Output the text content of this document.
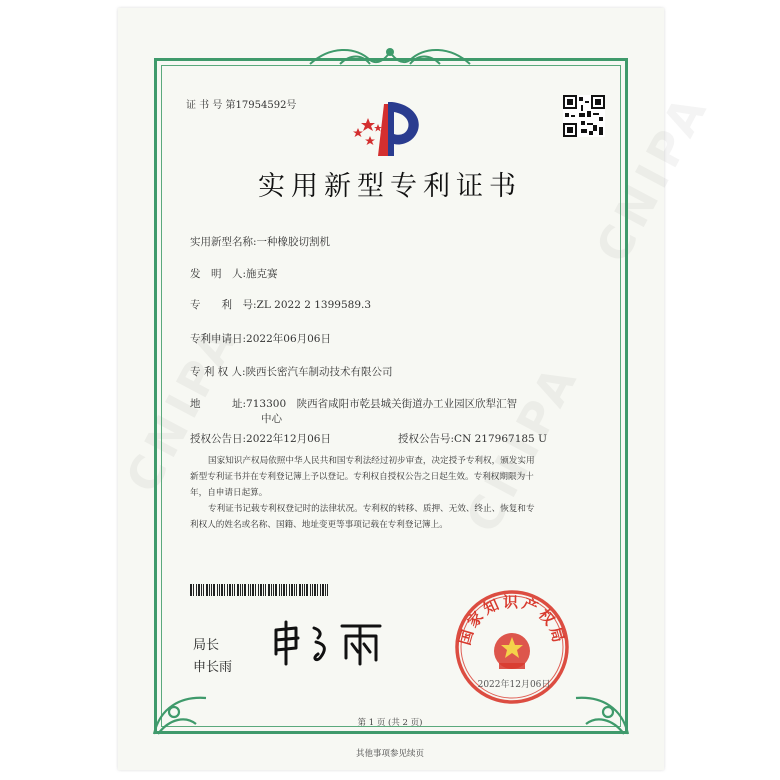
证 书 号 第17954592号
实用新型专利证书
实用新型名称:一种橡胶切割机
发　明　人:施克赛
专　　利　号:ZL 2022 2 1399589.3
专利申请日:2022年06月06日
专 利 权 人:陕西长密汽车制动技术有限公司
地　　　址:713300　陕西省咸阳市乾县城关街道办工业园区欣犁汇智
中心
授权公告日:2022年12月06日	授权公告号:CN 217967185 U
国家知识产权局依照中华人民共和国专利法经过初步审查，决定授予专利权，颁发实用
新型专利证书并在专利登记簿上予以登记。专利权自授权公告之日起生效。专利权期限为十
年，自申请日起算。
专利证书记载专利权登记时的法律状况。专利权的转移、质押、无效、终止、恢复和专
利权人的姓名或名称、国籍、地址变更等事项记载在专利登记簿上。
局长
申长雨
国家知识产权局
2022年12月06日
第 1 页 (共 2 页)
其他事项参见续页
